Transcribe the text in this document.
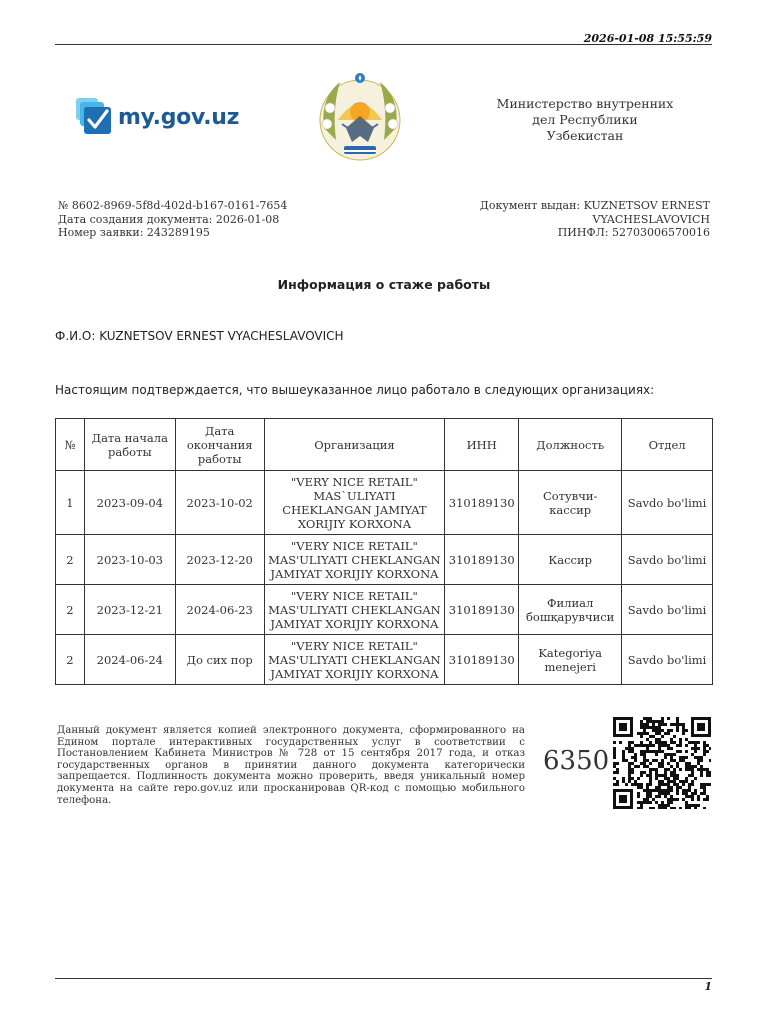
2026-01-08 15:55:59
my.gov.uz
Министерство внутренних
дел Республики
Узбекистан
№ 8602-8969-5f8d-402d-b167-0161-7654
Дата создания документа: 2026-01-08
Номер заявки: 243289195
Документ выдан: KUZNETSOV ERNEST
VYACHESLAVOVICH
ПИНФЛ: 52703006570016
Информация о стаже работы
Ф.И.О: KUZNETSOV ERNEST VYACHESLAVOVICH
Настоящим подтверждается, что вышеуказанное лицо работало в следующих организациях:
№	Дата начала работы	Дата окончания работы	Организация	ИНН	Должность	Отдел
1	2023-09-04	2023-10-02	"VERY NICE RETAIL" MAS`ULIYATI CHEKLANGAN JAMIYAT XORIJIY KORXONA	310189130	Сотувчи-кассир	Savdo bo'limi
2	2023-10-03	2023-12-20	"VERY NICE RETAIL" MAS'ULIYATI CHEKLANGAN JAMIYAT XORIJIY KORXONA	310189130	Кассир	Savdo bo'limi
2	2023-12-21	2024-06-23	"VERY NICE RETAIL" MAS'ULIYATI CHEKLANGAN JAMIYAT XORIJIY KORXONA	310189130	Филиал бошқарувчиси	Savdo bo'limi
2	2024-06-24	До сих пор	"VERY NICE RETAIL" MAS'ULIYATI CHEKLANGAN JAMIYAT XORIJIY KORXONA	310189130	Kategoriya menejeri	Savdo bo'limi
Данный документ является копией электронного документа, сформированного на Едином портале интерактивных государственных услуг в соответствии с Постановлением Кабинета Министров № 728 от 15 сентября 2017 года, и отказ государственных органов в принятии данного документа категорически запрещается. Подлинность документа можно проверить, введя уникальный номер документа на сайте repo.gov.uz или просканировав QR-код с помощью мобильного телефона.
6350
1
